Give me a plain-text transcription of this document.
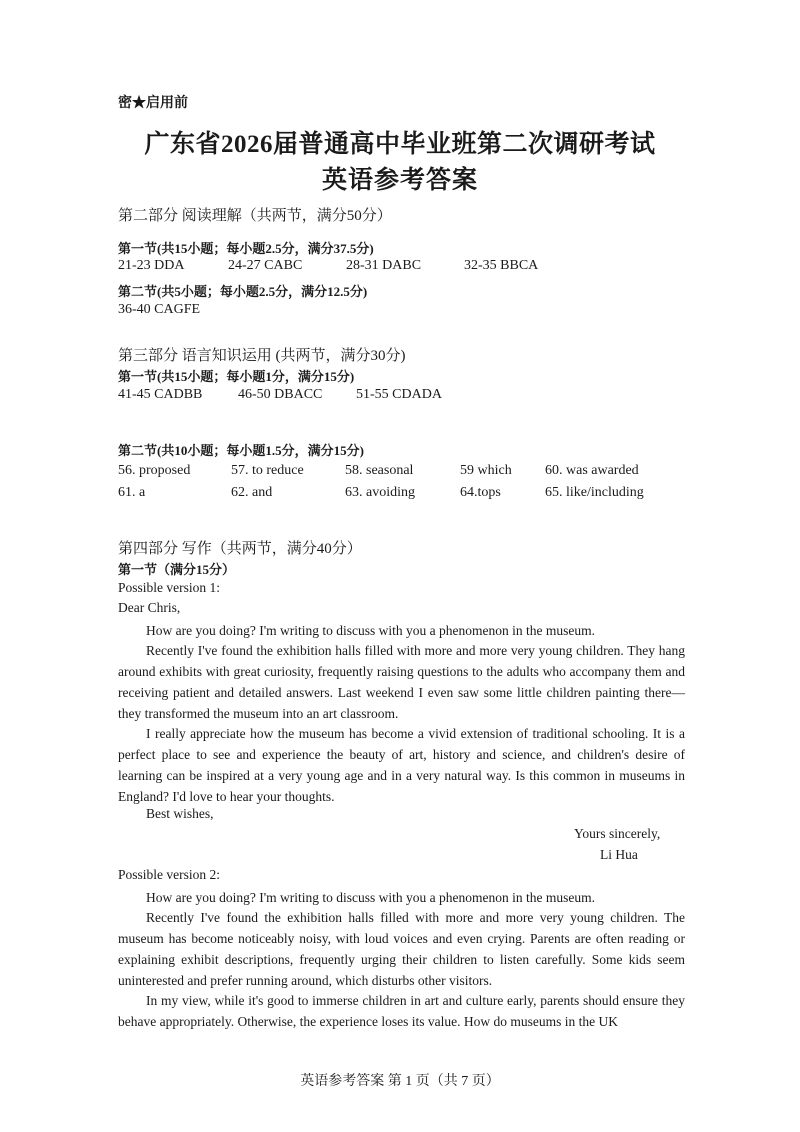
密★启用前
广东省2026届普通高中毕业班第二次调研考试
英语参考答案
第二部分 阅读理解（共两节，满分50分）
第一节(共15小题；每小题2.5分，满分37.5分)
21-23 DDA	24-27 CABC	28-31 DABC	32-35 BBCA
第二节(共5小题；每小题2.5分，满分12.5分)
36-40 CAGFE
第三部分 语言知识运用 (共两节，满分30分)
第一节(共15小题；每小题1分，满分15分)
41-45 CADBB	46-50 DBACC 51-55 CDADA
第二节(共10小题；每小题1.5分，满分15分)
56. proposed	57. to reduce	58. seasonal	59 which 60. was awarded
61. a	62. and	63. avoiding	64.tops	65. like/including
第四部分 写作（共两节，满分40分）
第一节（满分15分）
Possible version 1:
Dear Chris,
How are you doing? I'm writing to discuss with you a phenomenon in the museum.
Recently I've found the exhibition halls filled with more and more very young children. They hang around exhibits with great curiosity, frequently raising questions to the adults who accompany them and receiving patient and detailed answers. Last weekend I even saw some little children painting there—they transformed the museum into an art classroom.
I really appreciate how the museum has become a vivid extension of traditional schooling. It is a perfect place to see and experience the beauty of art, history and science, and children's desire of learning can be inspired at a very young age and in a very natural way. Is this common in museums in England? I'd love to hear your thoughts.
Best wishes,
Yours sincerely,
Li Hua
Possible version 2:
How are you doing? I'm writing to discuss with you a phenomenon in the museum.
Recently I've found the exhibition halls filled with more and more very young children. The museum has become noticeably noisy, with loud voices and even crying. Parents are often reading or explaining exhibit descriptions, frequently urging their children to listen carefully. Some kids seem uninterested and prefer running around, which disturbs other visitors.
In my view, while it's good to immerse children in art and culture early, parents should ensure they behave appropriately. Otherwise, the experience loses its value. How do museums in the UK
英语参考答案 第 1 页（共 7 页）
